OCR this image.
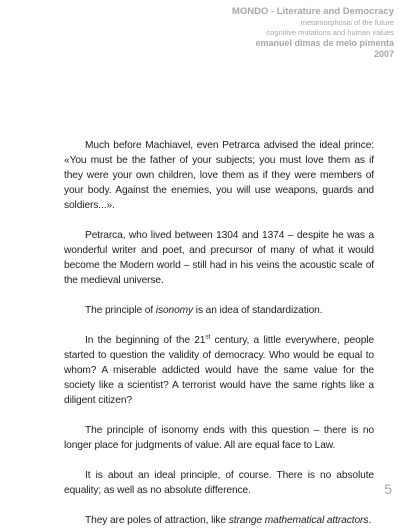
MONDO - Literature and Democracy
metamorphosis of the future
cognitive mutations and human values
emanuel dimas de melo pimenta
2007

Much before Machiavel, even Petrarca advised the ideal prince: «You must be the father of your subjects; you must love them as if they were your own children, love them as if they were members of your body. Against the enemies, you will use weapons, guards and soldiers...».

Petrarca, who lived between 1304 and 1374 – despite he was a wonderful writer and poet, and precursor of many of what it would become the Modern world – still had in his veins the acoustic scale of the medieval universe.

The principle of isonomy is an idea of standardization.

In the beginning of the 21st century, a little everywhere, people started to question the validity of democracy. Who would be equal to whom? A miserable addicted would have the same value for the society like a scientist? A terrorist would have the same rights like a diligent citizen?

The principle of isonomy ends with this question – there is no longer place for judgments of value. All are equal face to Law.

It is about an ideal principle, of course. There is no absolute equality; as well as no absolute difference.

They are poles of attraction, like strange mathematical attractors.

5
